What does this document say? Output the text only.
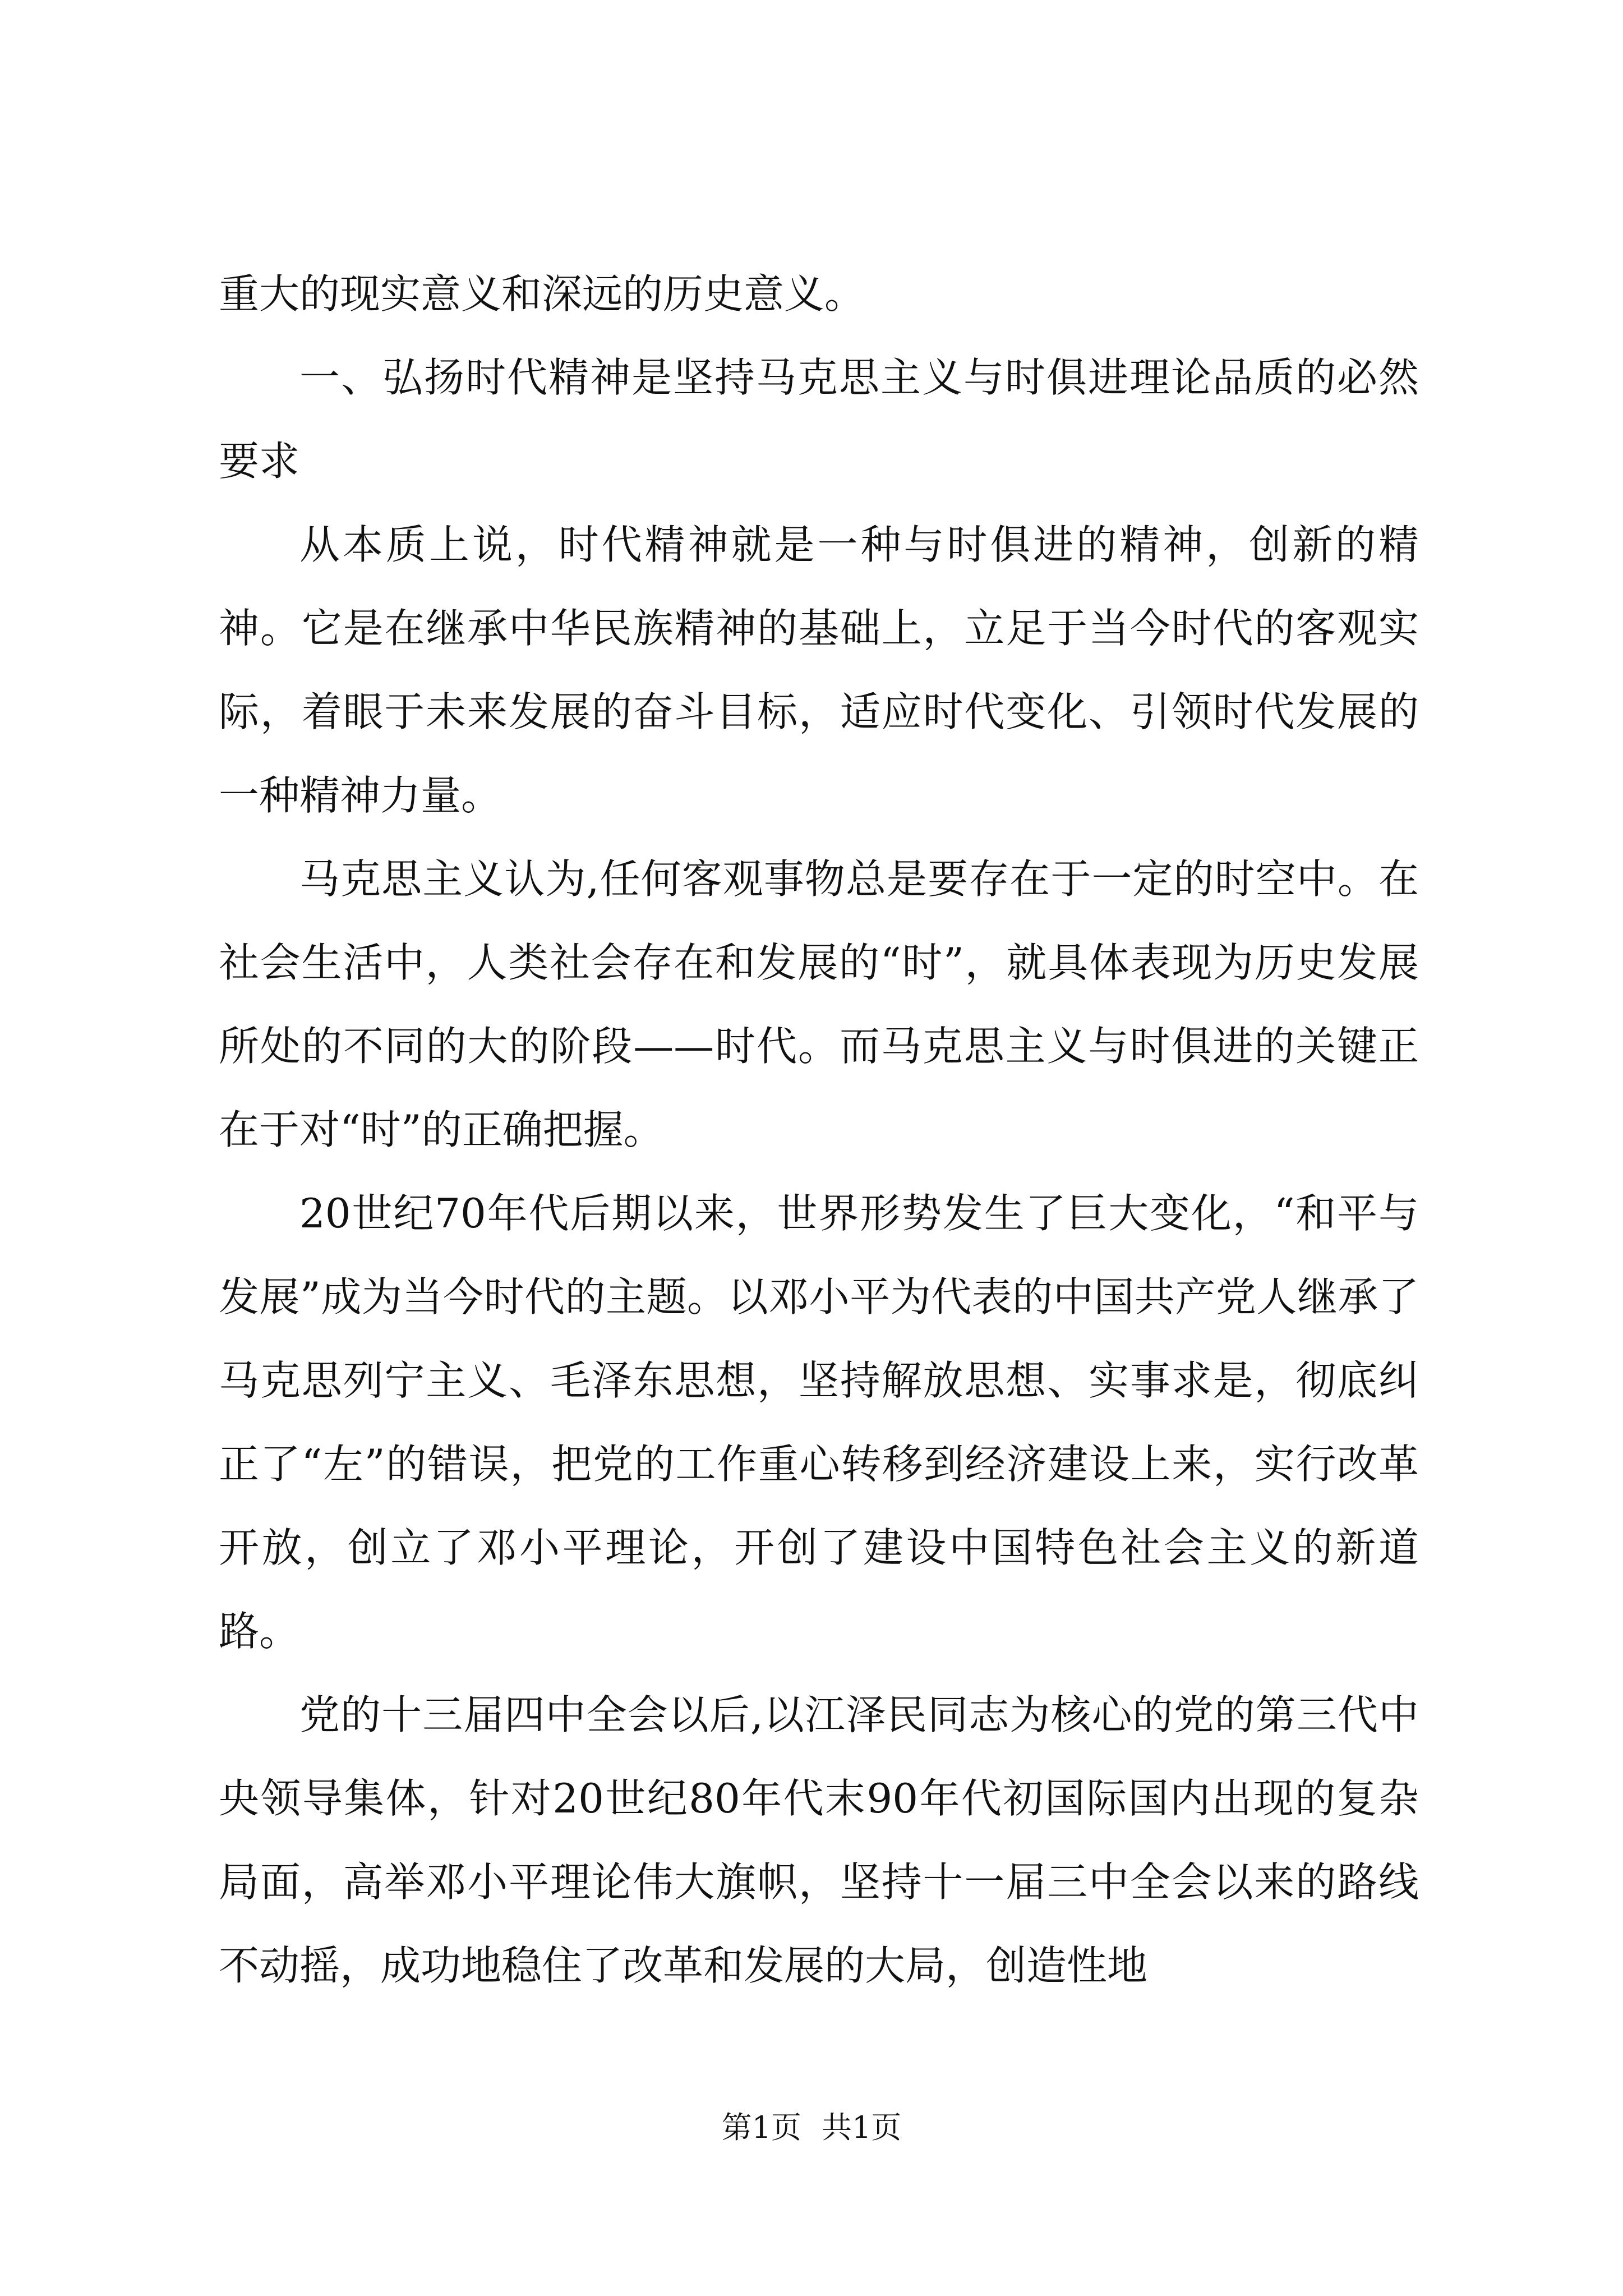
重大的现实意义和深远的历史意义。

一、弘扬时代精神是坚持马克思主义与时俱进理论品质的必然要求

从本质上说，时代精神就是一种与时俱进的精神，创新的精神。它是在继承中华民族精神的基础上，立足于当今时代的客观实际，着眼于未来发展的奋斗目标，适应时代变化、引领时代发展的一种精神力量。

马克思主义认为,任何客观事物总是要存在于一定的时空中。在社会生活中，人类社会存在和发展的“时”，就具体表现为历史发展所处的不同的大的阶段——时代。而马克思主义与时俱进的关键正在于对“时”的正确把握。

20世纪70年代后期以来，世界形势发生了巨大变化，“和平与发展”成为当今时代的主题。以邓小平为代表的中国共产党人继承了马克思列宁主义、毛泽东思想，坚持解放思想、实事求是，彻底纠正了“左”的错误，把党的工作重心转移到经济建设上来，实行改革开放，创立了邓小平理论，开创了建设中国特色社会主义的新道路。

党的十三届四中全会以后,以江泽民同志为核心的党的第三代中央领导集体，针对20世纪80年代末90年代初国际国内出现的复杂局面，高举邓小平理论伟大旗帜，坚持十一届三中全会以来的路线不动摇，成功地稳住了改革和发展的大局，创造性地

第1页 共1页
